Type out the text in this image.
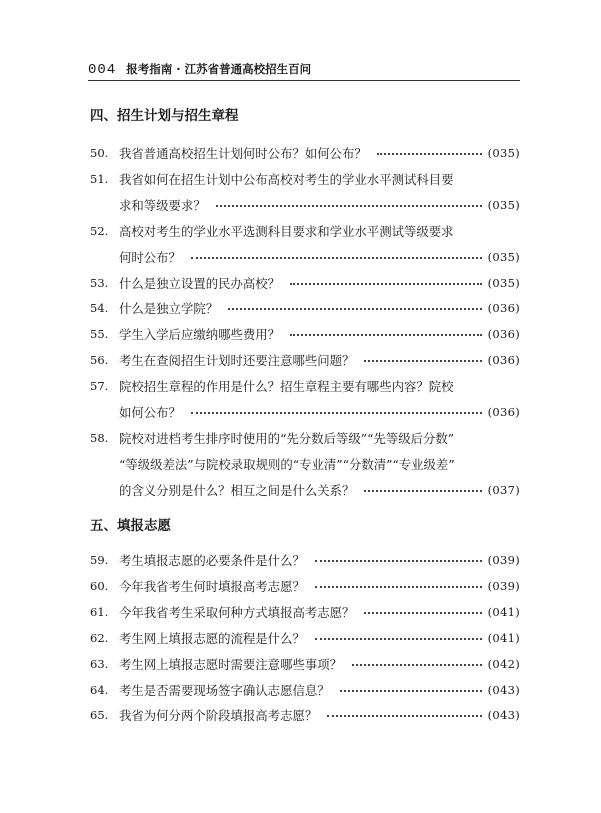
004 报考指南 · 江苏省普通高校招生百问
四、招生计划与招生章程
50. 我省普通高校招生计划何时公布？如何公布？	(035)
51. 我省如何在招生计划中公布高校对考生的学业水平测试科目要
求和等级要求？	(035)
52. 高校对考生的学业水平选测科目要求和学业水平测试等级要求
何时公布？	(035)
53. 什么是独立设置的民办高校？	(035)
54. 什么是独立学院？	(036)
55. 学生入学后应缴纳哪些费用？	(036)
56. 考生在查阅招生计划时还要注意哪些问题？	(036)
57. 院校招生章程的作用是什么？招生章程主要有哪些内容？院校
如何公布？	(036)
58. 院校对进档考生排序时使用的“先分数后等级”“先等级后分数”
“等级级差法”与院校录取规则的“专业清”“分数清”“专业级差”
的含义分别是什么？相互之间是什么关系？	(037)
五、填报志愿
59. 考生填报志愿的必要条件是什么？	(039)
60. 今年我省考生何时填报高考志愿？	(039)
61. 今年我省考生采取何种方式填报高考志愿？	(041)
62. 考生网上填报志愿的流程是什么？	(041)
63. 考生网上填报志愿时需要注意哪些事项？	(042)
64. 考生是否需要现场签字确认志愿信息？	(043)
65. 我省为何分两个阶段填报高考志愿？	(043)
